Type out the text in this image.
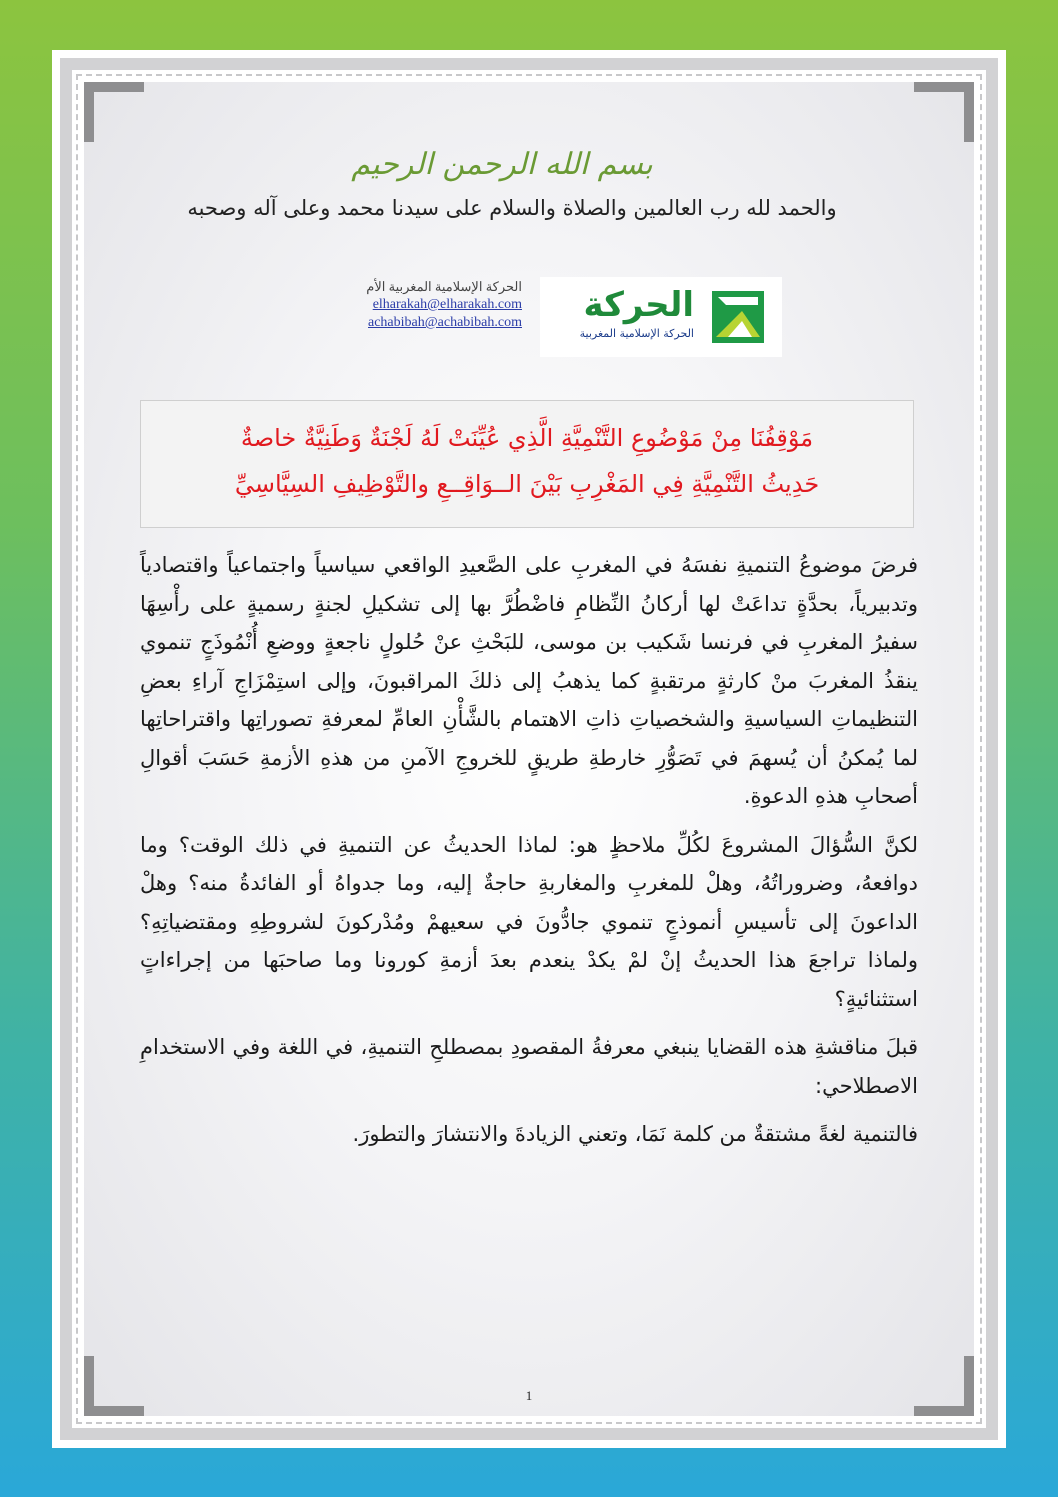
بسم الله الرحمن الرحيم
والحمد لله رب العالمين والصلاة والسلام على سيدنا محمد وعلى آله وصحبه
الحركة الإسلامية المغربية الأم
elharakah@elharakah.com
achabibah@achabibah.com الحركة
الحركة الإسلامية المغربية
مَوْقِفُنَا مِنْ مَوْضُوعِ التَّنْمِيَّةِ الَّذِي عُيِّنَتْ لَهُ لَجْنَةٌ وَطَنِيَّةٌ خاصةٌ
حَدِيثُ التَّنْمِيَّةِ فِي المَغْرِبِ بَيْنَ الــوَاقِــعِ والتَّوْظِيفِ السِيَّاسِيِّ

فرضَ موضوعُ التنميةِ نفسَهُ في المغربِ على الصَّعيدِ الواقعي سياسياً واجتماعياً واقتصادياً وتدبيرياً، بحدَّةٍ تداعَتْ لها أركانُ النِّظامِ فاضْطُرَّ بها إلى تشكيلِ لجنةٍ رسميةٍ على رأْسِهَا سفيرُ المغربِ في فرنسا شَكيب بن موسى، للبَحْثِ عنْ حُلولٍ ناجعةٍ ووضعِ أُنْمُوذَجٍ تنموي ينقذُ المغربَ منْ كارثةٍ مرتقبةٍ كما يذهبُ إلى ذلكَ المراقبونَ، وإلى استِمْزَاجِ آراءِ بعضِ التنظيماتِ السياسيةِ والشخصياتِ ذاتِ الاهتمام بالشَّأْنِ العامِّ لمعرفةِ تصوراتِها واقتراحاتِها لما يُمكنُ أن يُسهمَ في تَصَوُّرِ خارطةِ طريقٍ للخروجِ الآمنِ من هذهِ الأزمةِ حَسَبَ أقوالِ أصحابِ هذهِ الدعوةِ.

لكنَّ السُّؤالَ المشروعَ لكُلِّ ملاحظٍ هو: لماذا الحديثُ عن التنميةِ في ذلك الوقت؟ وما دوافعهُ، وضروراتُهُ، وهلْ للمغربِ والمغاربةِ حاجةٌ إليه، وما جدواهُ أو الفائدةُ منه؟ وهلْ الداعونَ إلى تأسيسِ أنموذجٍ تنموي جادُّونَ في سعيهمْ ومُدْركونَ لشروطِهِ ومقتضياتِهِ؟ ولماذا تراجعَ هذا الحديثُ إنْ لمْ يكدْ ينعدم بعدَ أزمةِ كورونا وما صاحبَها من إجراءاتٍ استثنائيةٍ؟

قبلَ مناقشةِ هذه القضايا ينبغي معرفةُ المقصودِ بمصطلحِ التنميةِ، في اللغة وفي الاستخدامِ الاصطلاحي:

فالتنمية لغةً مشتقةٌ من كلمة نَمَا، وتعني الزيادةَ والانتشارَ والتطورَ.

1
